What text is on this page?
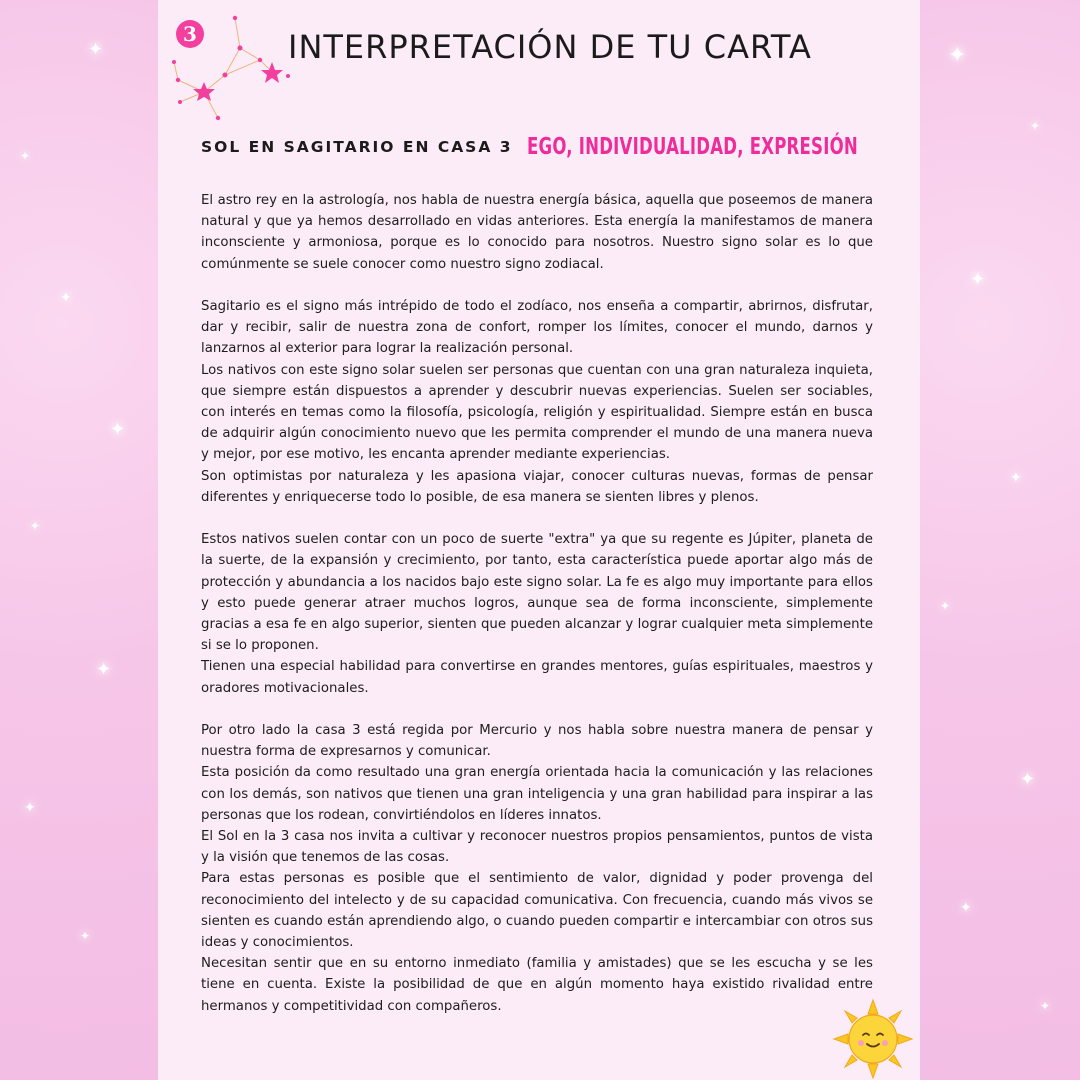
✦
✦
✦
✦
✦
✦
✦
✦
✦
✦
✦
✦
✦
✦
✦
✦
3	INTERPRETACIÓN DE TU CARTA
SOL EN SAGITARIO EN CASA 3 EGO, INDIVIDUALIDAD, EXPRESIÓN

El astro rey en la astrología, nos habla de nuestra energía básica, aquella que poseemos de manera natural y que ya hemos desarrollado en vidas anteriores. Esta energía la manifestamos de manera inconsciente y armoniosa, porque es lo conocido para nosotros. Nuestro signo solar es lo que comúnmente se suele conocer como nuestro signo zodiacal.

Sagitario es el signo más intrépido de todo el zodíaco, nos enseña a compartir, abrirnos, disfrutar, dar y recibir, salir de nuestra zona de confort, romper los límites, conocer el mundo, darnos y lanzarnos al exterior para lograr la realización personal.

Los nativos con este signo solar suelen ser personas que cuentan con una gran naturaleza inquieta, que siempre están dispuestos a aprender y descubrir nuevas experiencias. Suelen ser sociables, con interés en temas como la filosofía, psicología, religión y espiritualidad. Siempre están en busca de adquirir algún conocimiento nuevo que les permita comprender el mundo de una manera nueva y mejor, por ese motivo, les encanta aprender mediante experiencias.

Son optimistas por naturaleza y les apasiona viajar, conocer culturas nuevas, formas de pensar diferentes y enriquecerse todo lo posible, de esa manera se sienten libres y plenos.

Estos nativos suelen contar con un poco de suerte "extra" ya que su regente es Júpiter, planeta de la suerte, de la expansión y crecimiento, por tanto, esta característica puede aportar algo más de protección y abundancia a los nacidos bajo este signo solar. La fe es algo muy importante para ellos y esto puede generar atraer muchos logros, aunque sea de forma inconsciente, simplemente gracias a esa fe en algo superior, sienten que pueden alcanzar y lograr cualquier meta simplemente si se lo proponen.

Tienen una especial habilidad para convertirse en grandes mentores, guías espirituales, maestros y oradores motivacionales.

Por otro lado la casa 3 está regida por Mercurio y nos habla sobre nuestra manera de pensar y nuestra forma de expresarnos y comunicar.

Esta posición da como resultado una gran energía orientada hacia la comunicación y las relaciones con los demás, son nativos que tienen una gran inteligencia y una gran habilidad para inspirar a las personas que los rodean, convirtiéndolos en líderes innatos.

El Sol en la 3 casa nos invita a cultivar y reconocer nuestros propios pensamientos, puntos de vista y la visión que tenemos de las cosas.

Para estas personas es posible que el sentimiento de valor, dignidad y poder provenga del reconocimiento del intelecto y de su capacidad comunicativa. Con frecuencia, cuando más vivos se sienten es cuando están aprendiendo algo, o cuando pueden compartir e intercambiar con otros sus ideas y conocimientos.

Necesitan sentir que en su entorno inmediato (familia y amistades) que se les escucha y se les tiene en cuenta. Existe la posibilidad de que en algún momento haya existido rivalidad entre hermanos y competitividad con compañeros.
